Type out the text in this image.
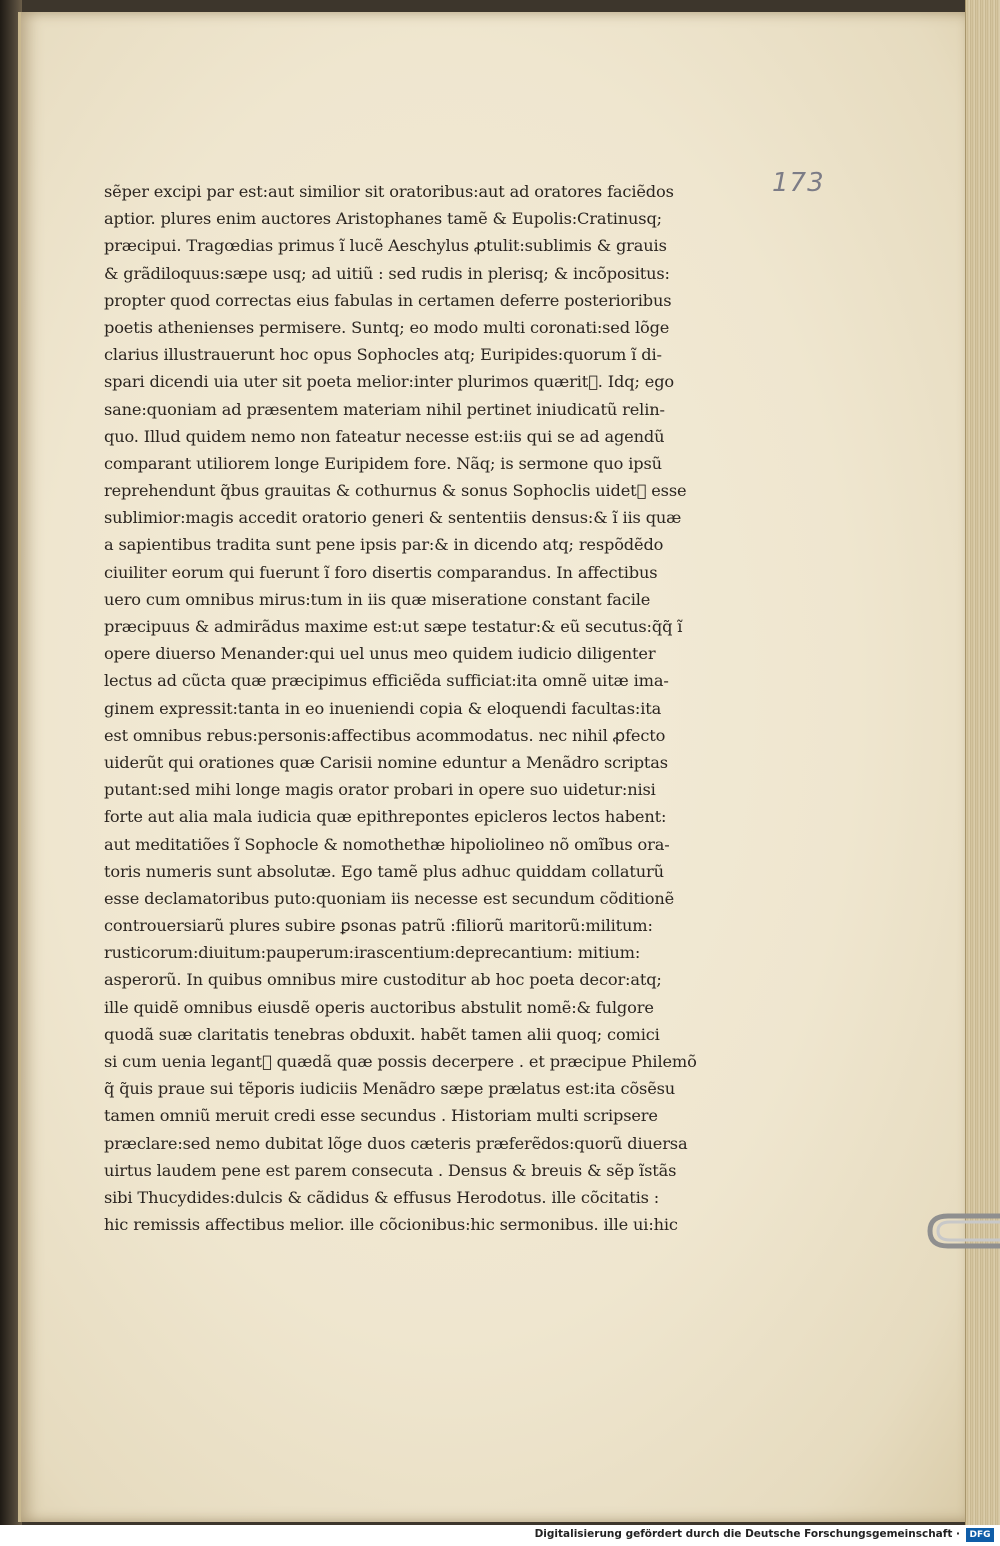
173
sẽper excipi par est:aut similior sit oratoribus:aut ad oratores faciẽdos
aptior. plures enim auctores Aristophanes tamẽ & Eupolis:Cratinusq;
præcipui. Tragœdias primus ĩ lucẽ Aeschylus ꝓtulit:sublimis & grauis
& grãdiloquus:sæpe usq; ad uitiũ : sed rudis in plerisq; & incõpositus:
propter quod correctas eius fabulas in certamen deferre posterioribus
poetis athenienses permisere. Suntq; eo modo multi coronati:sed lõge
clarius illustrauerunt hoc opus Sophocles atq; Euripides:quorum ĩ di-
spari dicendi uia uter sit poeta melior:inter plurimos quærit᷑. Idq; ego
sane:quoniam ad præsentem materiam nihil pertinet iniudicatũ relin-
quo. Illud quidem nemo non fateatur necesse est:iis qui se ad agendũ
comparant utiliorem longe Euripidem fore. Nãq; is sermone quo ipsũ
reprehendunt q̃bus grauitas & cothurnus & sonus Sophoclis uidet᷑ esse
sublimior:magis accedit oratorio generi & sententiis densus:& ĩ iis quæ
a sapientibus tradita sunt pene ipsis par:& in dicendo atq; respõdẽdo
ciuiliter eorum qui fuerunt ĩ foro disertis comparandus. In affectibus
uero cum omnibus mirus:tum in iis quæ miseratione constant facile
præcipuus & admirãdus maxime est:ut sæpe testatur:& eũ secutus:q̃q̃ ĩ
opere diuerso Menander:qui uel unus meo quidem iudicio diligenter
lectus ad cũcta quæ præcipimus efficiẽda sufficiat:ita omnẽ uitæ ima-
ginem expressit:tanta in eo inueniendi copia & eloquendi facultas:ita
est omnibus rebus:personis:affectibus acommodatus. nec nihil ꝓfecto
uiderũt qui orationes quæ Carisii nomine eduntur a Menãdro scriptas
putant:sed mihi longe magis orator probari in opere suo uidetur:nisi
forte aut alia mala iudicia quæ epithrepontes epicleros lectos habent:
aut meditatiões ĩ Sophocle & nomothethæ hipoliolineo nõ omĩbus ora-
toris numeris sunt absolutæ. Ego tamẽ plus adhuc quiddam collaturũ
esse declamatoribus puto:quoniam iis necesse est secundum cõditionẽ
controuersiarũ plures subire ꝑsonas patrũ :filiorũ maritorũ:militum:
rusticorum:diuitum:pauperum:irascentium:deprecantium: mitium:
asperorũ. In quibus omnibus mire custoditur ab hoc poeta decor:atq;
ille quidẽ omnibus eiusdẽ operis auctoribus abstulit nomẽ:& fulgore
quodã suæ claritatis tenebras obduxit. habẽt tamen alii quoq; comici
si cum uenia legant᷑ quædã quæ possis decerpere . et præcipue Philemõ
q̃ q̃uis praue sui tẽporis iudiciis Menãdro sæpe prælatus est:ita cõsẽsu
tamen omniũ meruit credi esse secundus . Historiam multi scripsere
præclare:sed nemo dubitat lõge duos cæteris præferẽdos:quorũ diuersa
uirtus laudem pene est parem consecuta . Densus & breuis & sẽp ĩstãs
sibi Thucydides:dulcis & cãdidus & effusus Herodotus. ille cõcitatis :
hic remissis affectibus melior. ille cõcionibus:hic sermonibus. ille ui:hic
Digitalisierung gefördert durch die Deutsche Forschungsgemeinschaft ·	DFG
